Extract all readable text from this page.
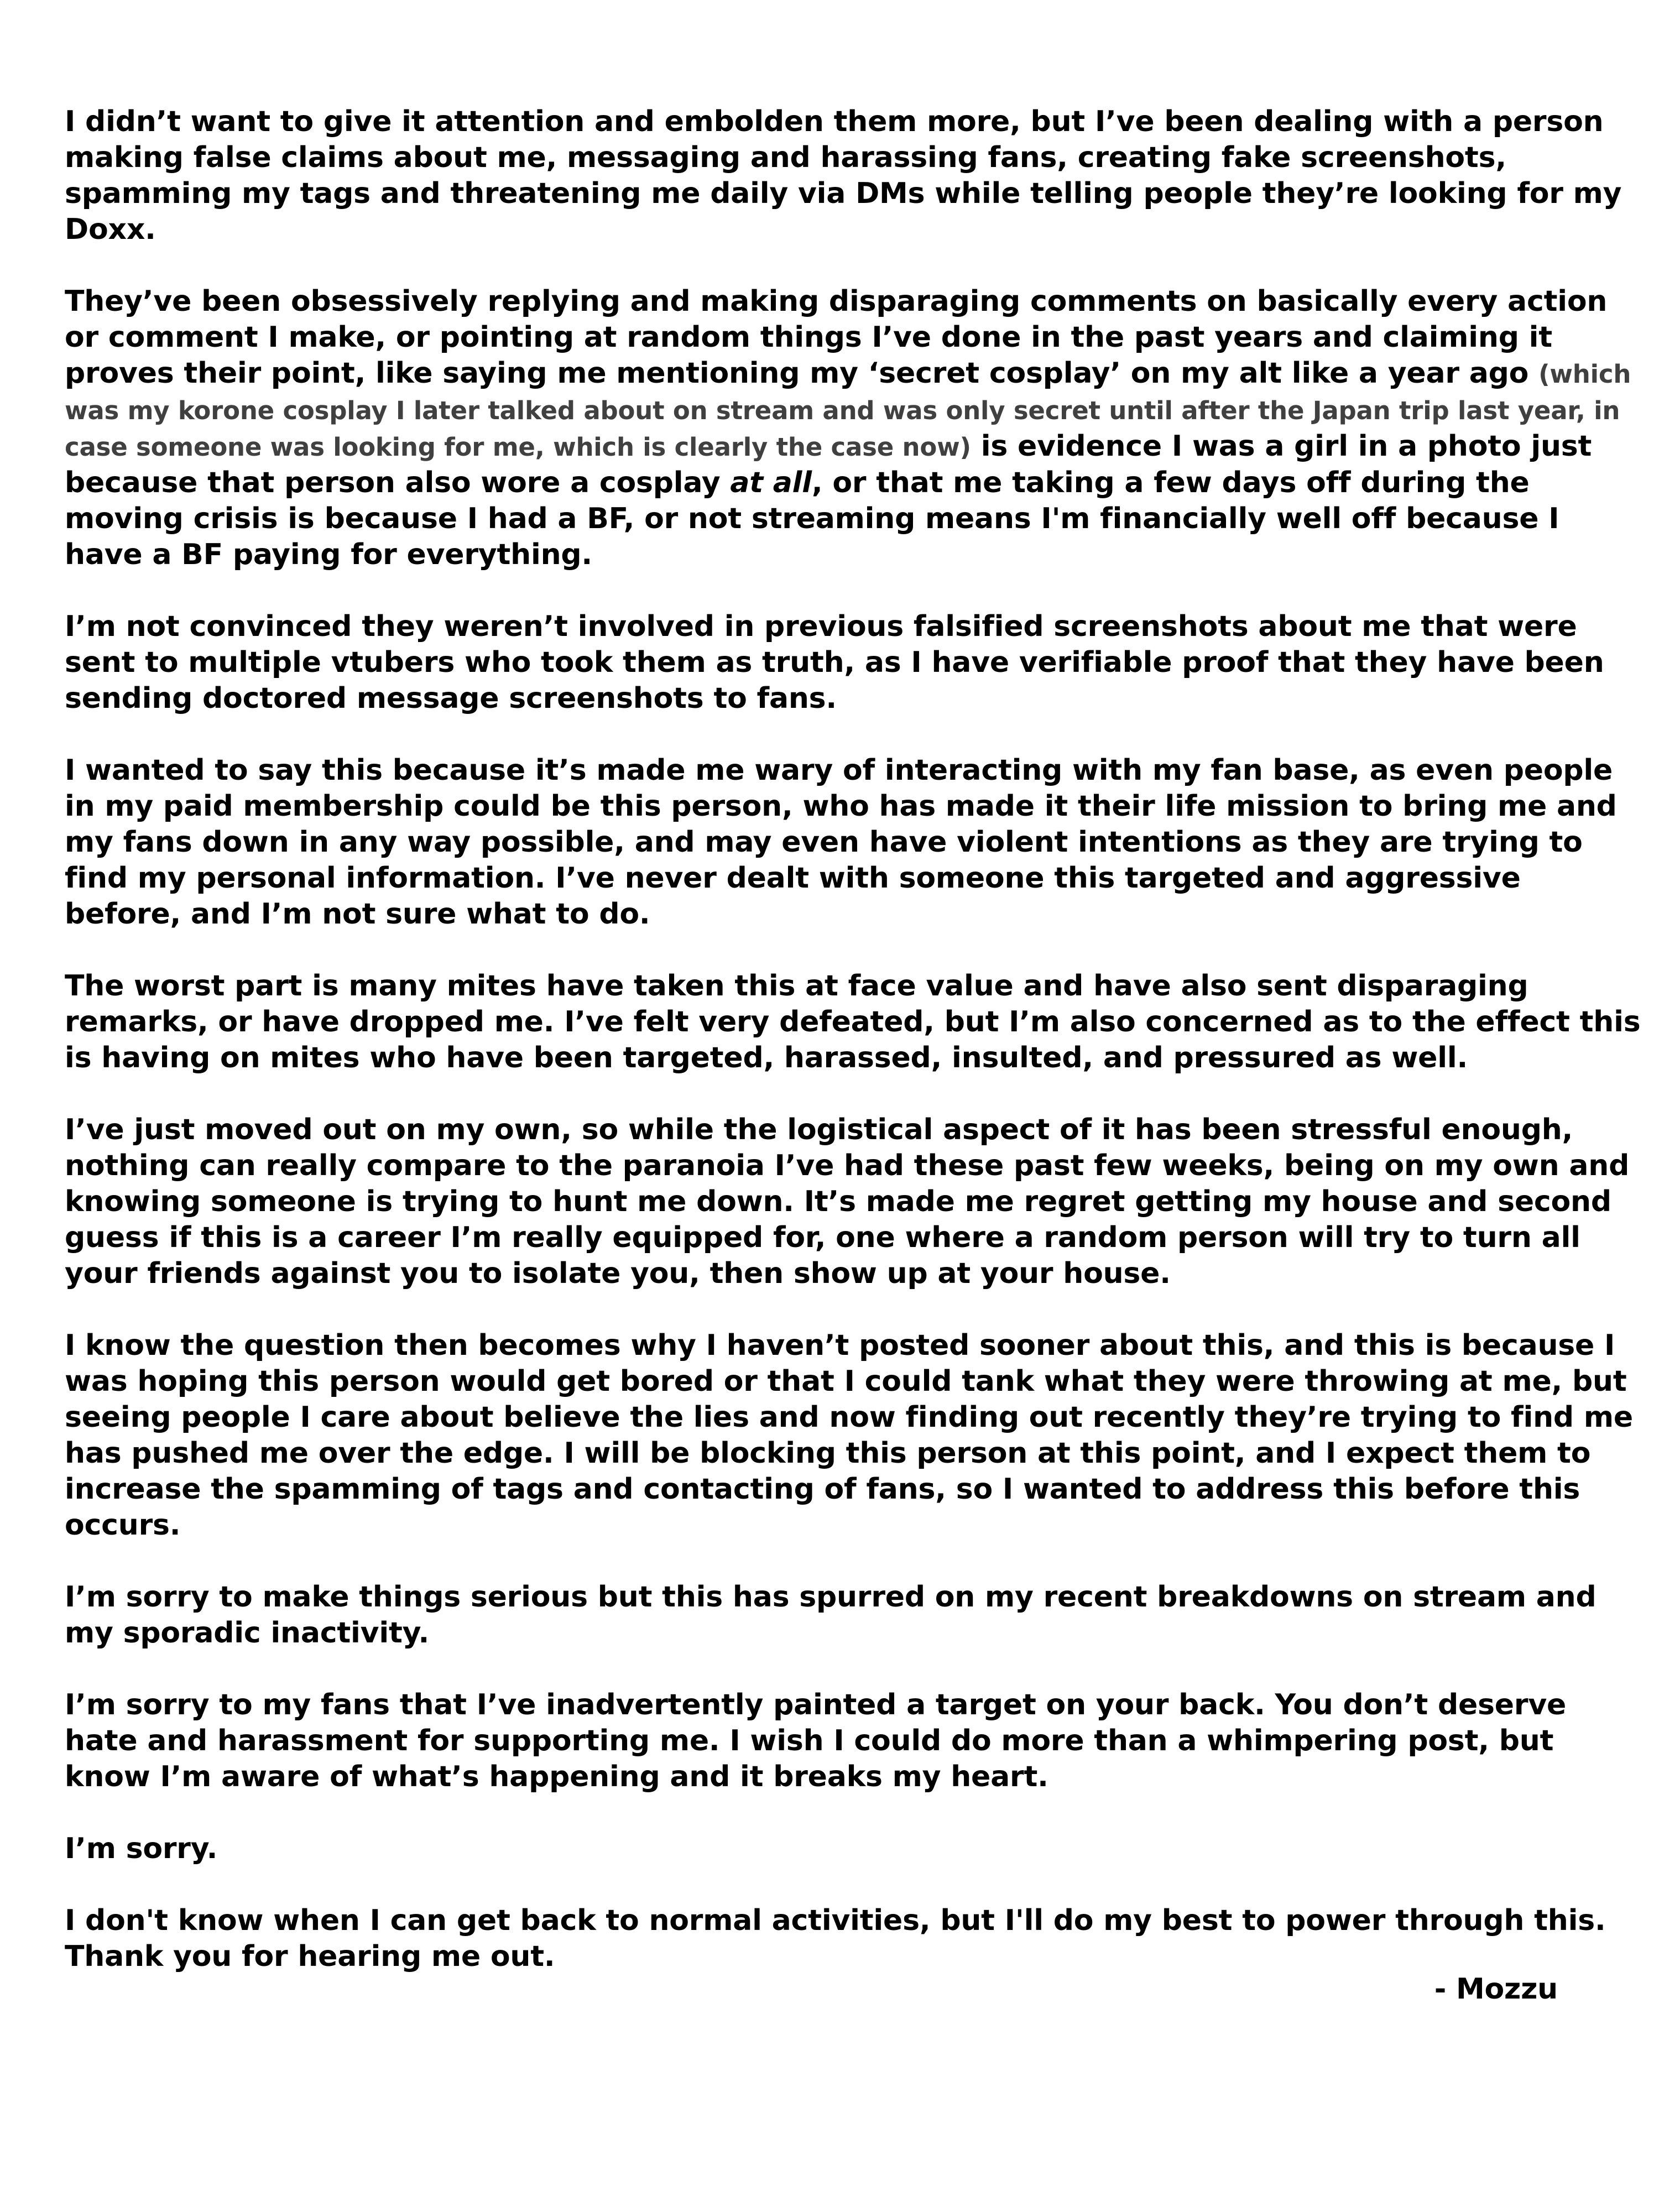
I didn’t want to give it attention and embolden them more, but I’ve been dealing with a person making false claims about me, messaging and harassing fans, creating fake screenshots, spamming my tags and threatening me daily via DMs while telling people they’re looking for my Doxx.

They’ve been obsessively replying and making disparaging comments on basically every action or comment I make, or pointing at random things I’ve done in the past years and claiming it proves their point, like saying me mentioning my ‘secret cosplay’ on my alt like a year ago (which was my korone cosplay I later talked about on stream and was only secret until after the Japan trip last year, in case someone was looking for me, which is clearly the case now) is evidence I was a girl in a photo just because that person also wore a cosplay at all, or that me taking a few days off during the moving crisis is because I had a BF, or not streaming means I'm financially well off because I have a BF paying for everything.

I’m not convinced they weren’t involved in previous falsified screenshots about me that were sent to multiple vtubers who took them as truth, as I have verifiable proof that they have been sending doctored message screenshots to fans.

I wanted to say this because it’s made me wary of interacting with my fan base, as even people in my paid membership could be this person, who has made it their life mission to bring me and my fans down in any way possible, and may even have violent intentions as they are trying to find my personal information. I’ve never dealt with someone this targeted and aggressive before, and I’m not sure what to do.

The worst part is many mites have taken this at face value and have also sent disparaging remarks, or have dropped me. I’ve felt very defeated, but I’m also concerned as to the effect this is having on mites who have been targeted, harassed, insulted, and pressured as well.

I’ve just moved out on my own, so while the logistical aspect of it has been stressful enough, nothing can really compare to the paranoia I’ve had these past few weeks, being on my own and knowing someone is trying to hunt me down. It’s made me regret getting my house and second guess if this is a career I’m really equipped for, one where a random person will try to turn all your friends against you to isolate you, then show up at your house.

I know the question then becomes why I haven’t posted sooner about this, and this is because I was hoping this person would get bored or that I could tank what they were throwing at me, but seeing people I care about believe the lies and now finding out recently they’re trying to find me has pushed me over the edge. I will be blocking this person at this point, and I expect them to increase the spamming of tags and contacting of fans, so I wanted to address this before this occurs.

I’m sorry to make things serious but this has spurred on my recent breakdowns on stream and my sporadic inactivity.

I’m sorry to my fans that I’ve inadvertently painted a target on your back. You don’t deserve hate and harassment for supporting me. I wish I could do more than a whimpering post, but know I’m aware of what’s happening and it breaks my heart.

I’m sorry.

I don't know when I can get back to normal activities, but I'll do my best to power through this. Thank you for hearing me out.

- Mozzu
